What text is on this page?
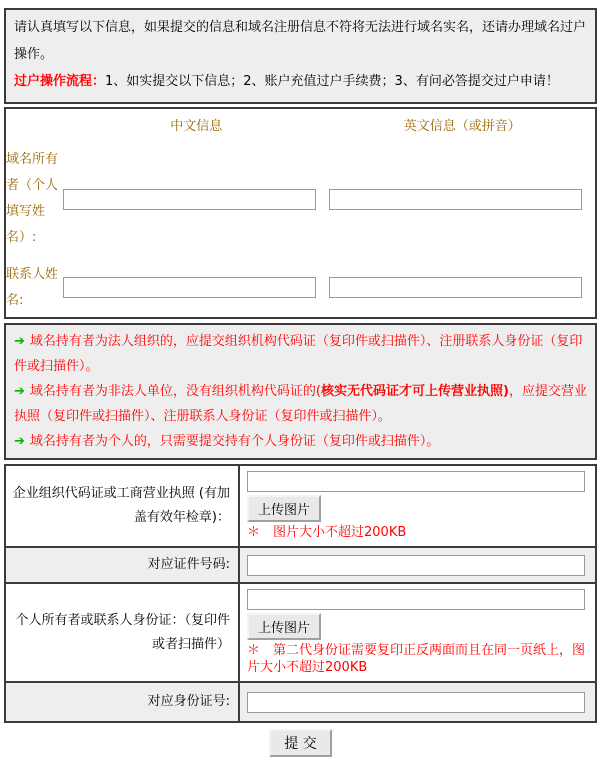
请认真填写以下信息，如果提交的信息和域名注册信息不符将无法进行域名实名，还请办理域名过户操作。
过户操作流程：1、如实提交以下信息；2、账户充值过户手续费；3、有问必答提交过户申请！
	中文信息	英文信息（或拼音）
域名所有者（个人填写姓名）:		
联系人姓名:		
➔ 域名持有者为法人组织的，应提交组织机构代码证（复印件或扫描件）、注册联系人身份证（复印件或扫描件）。
➔ 域名持有者为非法人单位，没有组织机构代码证的(核实无代码证才可上传营业执照)，应提交营业执照（复印件或扫描件）、注册联系人身份证（复印件或扫描件）。
➔ 域名持有者为个人的，只需要提交持有个人身份证（复印件或扫描件）。
企业组织代码证或工商营业执照 (有加盖有效年检章)：	上传图片
＊　图片大小不超过200KB

对应证件号码:	
个人所有者或联系人身份证：（复印件或者扫描件）	上传图片
＊　第二代身份证需要复印正反两面而且在同一页纸上，图片大小不超过200KB

对应身份证号:	
提 交
